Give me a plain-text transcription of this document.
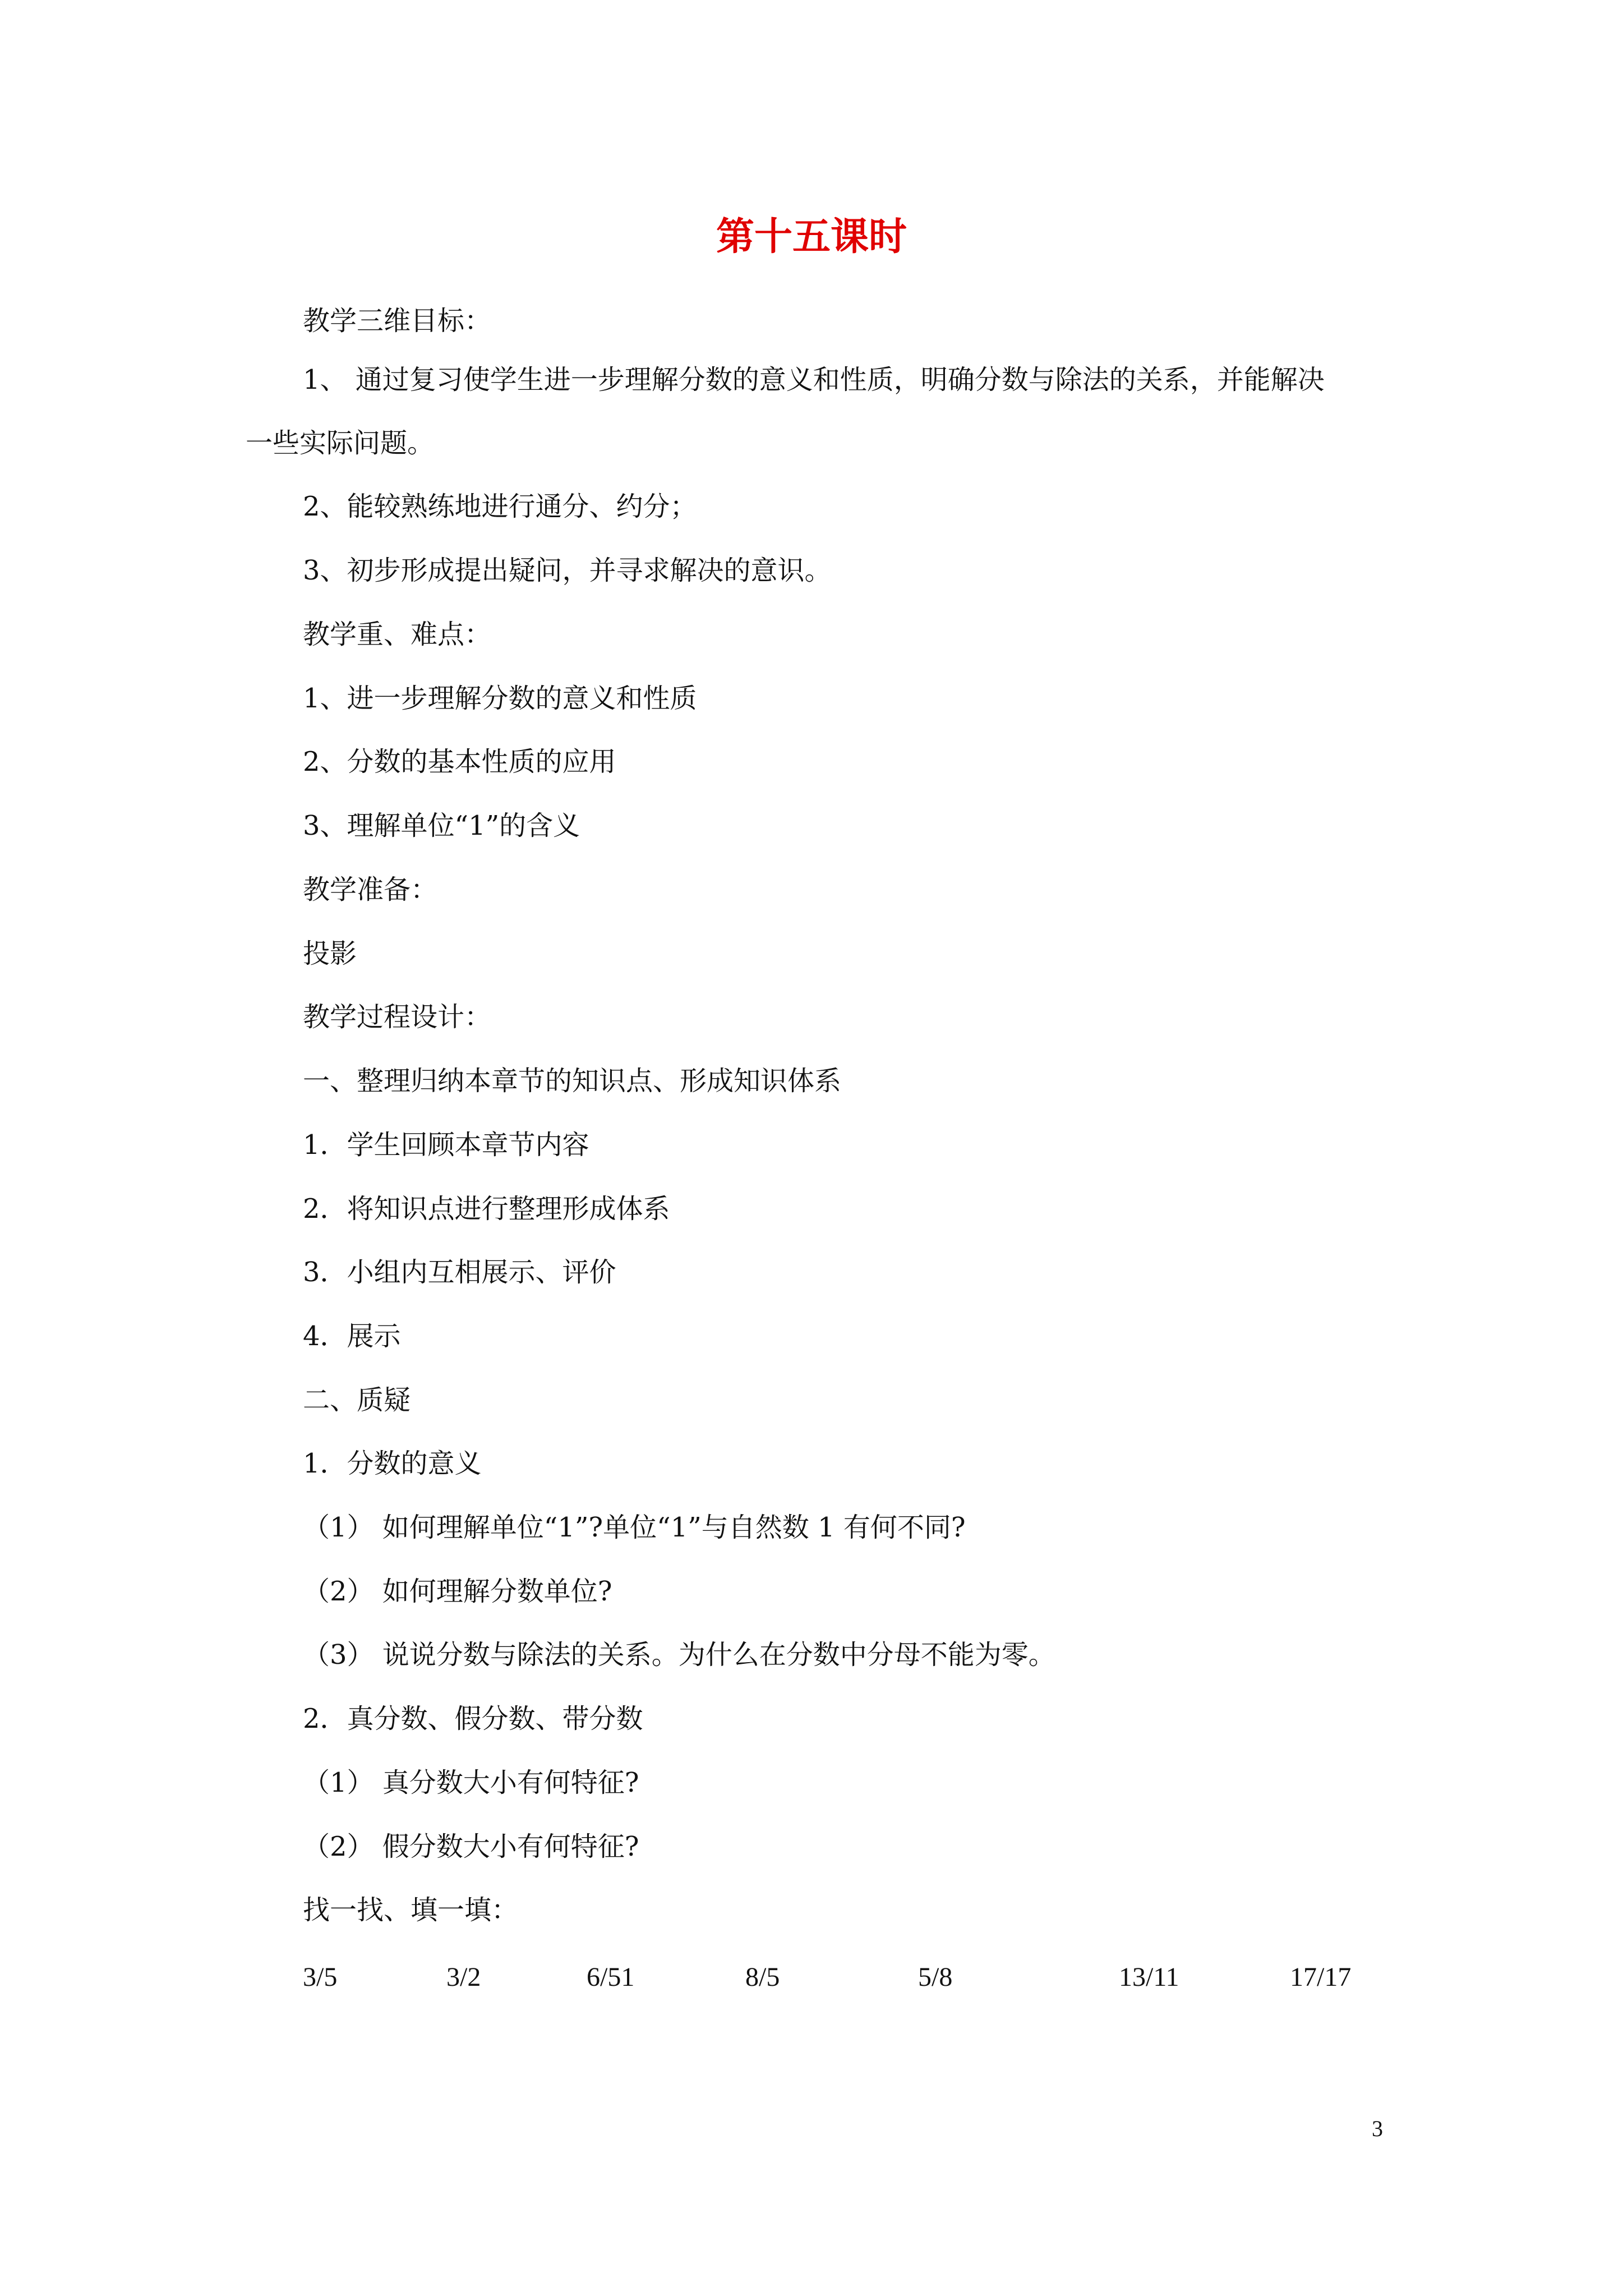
第十五课时
教学三维目标：
1、 通过复习使学生进一步理解分数的意义和性质，明确分数与除法的关系，并能解决
一些实际问题。
2、能较熟练地进行通分、约分；
3、初步形成提出疑问，并寻求解决的意识。
教学重、难点：
1、进一步理解分数的意义和性质
2、分数的基本性质的应用
3、理解单位“1”的含义
教学准备：
投影
教学过程设计：
一、整理归纳本章节的知识点、形成知识体系
1．学生回顾本章节内容
2．将知识点进行整理形成体系
3．小组内互相展示、评价
4．展示
二、质疑
1．分数的意义
（1） 如何理解单位“1”?单位“1”与自然数 1 有何不同?
（2） 如何理解分数单位?
（3） 说说分数与除法的关系。为什么在分数中分母不能为零。
2．真分数、假分数、带分数
（1） 真分数大小有何特征?
（2） 假分数大小有何特征?
找一找、填一填：
3/5	3/2	6/51	8/5	5/8	13/11	17/17
3
